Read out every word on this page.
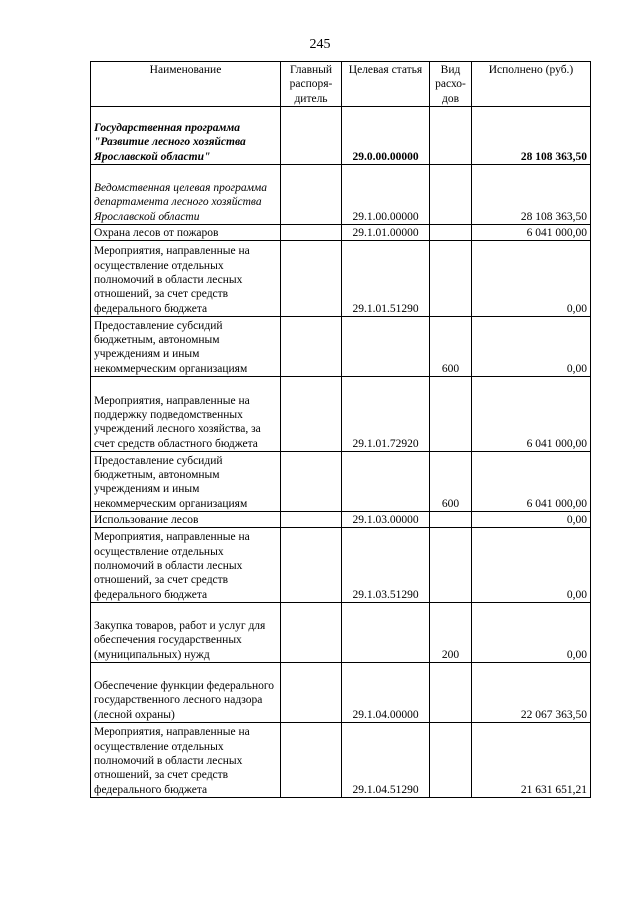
245
Наименование	Главный распоря-дитель	Целевая статья	Вид расхо-дов	Исполнено (руб.)
Государственная программа "Развитие лесного хозяйства Ярославской области"		29.0.00.00000		28 108 363,50
Ведомственная целевая программа департамента лесного хозяйства Ярославской области		29.1.00.00000		28 108 363,50
Охрана лесов от пожаров		29.1.01.00000		6 041 000,00
Мероприятия, направленные на осуществление отдельных полномочий в области лесных отношений, за счет средств федерального бюджета		29.1.01.51290		0,00
Предоставление субсидий бюджетным, автономным учреждениям и иным некоммерческим организациям			600	0,00
Мероприятия, направленные на поддержку подведомственных учреждений лесного хозяйства, за счет средств областного бюджета		29.1.01.72920		6 041 000,00
Предоставление субсидий бюджетным, автономным учреждениям и иным некоммерческим организациям			600	6 041 000,00
Использование лесов		29.1.03.00000		0,00
Мероприятия, направленные на осуществление отдельных полномочий в области лесных отношений, за счет средств федерального бюджета		29.1.03.51290		0,00
Закупка товаров, работ и услуг для обеспечения государственных (муниципальных) нужд			200	0,00
Обеспечение функции федерального государственного лесного надзора (лесной охраны)		29.1.04.00000		22 067 363,50
Мероприятия, направленные на осуществление отдельных полномочий в области лесных отношений, за счет средств федерального бюджета		29.1.04.51290		21 631 651,21
